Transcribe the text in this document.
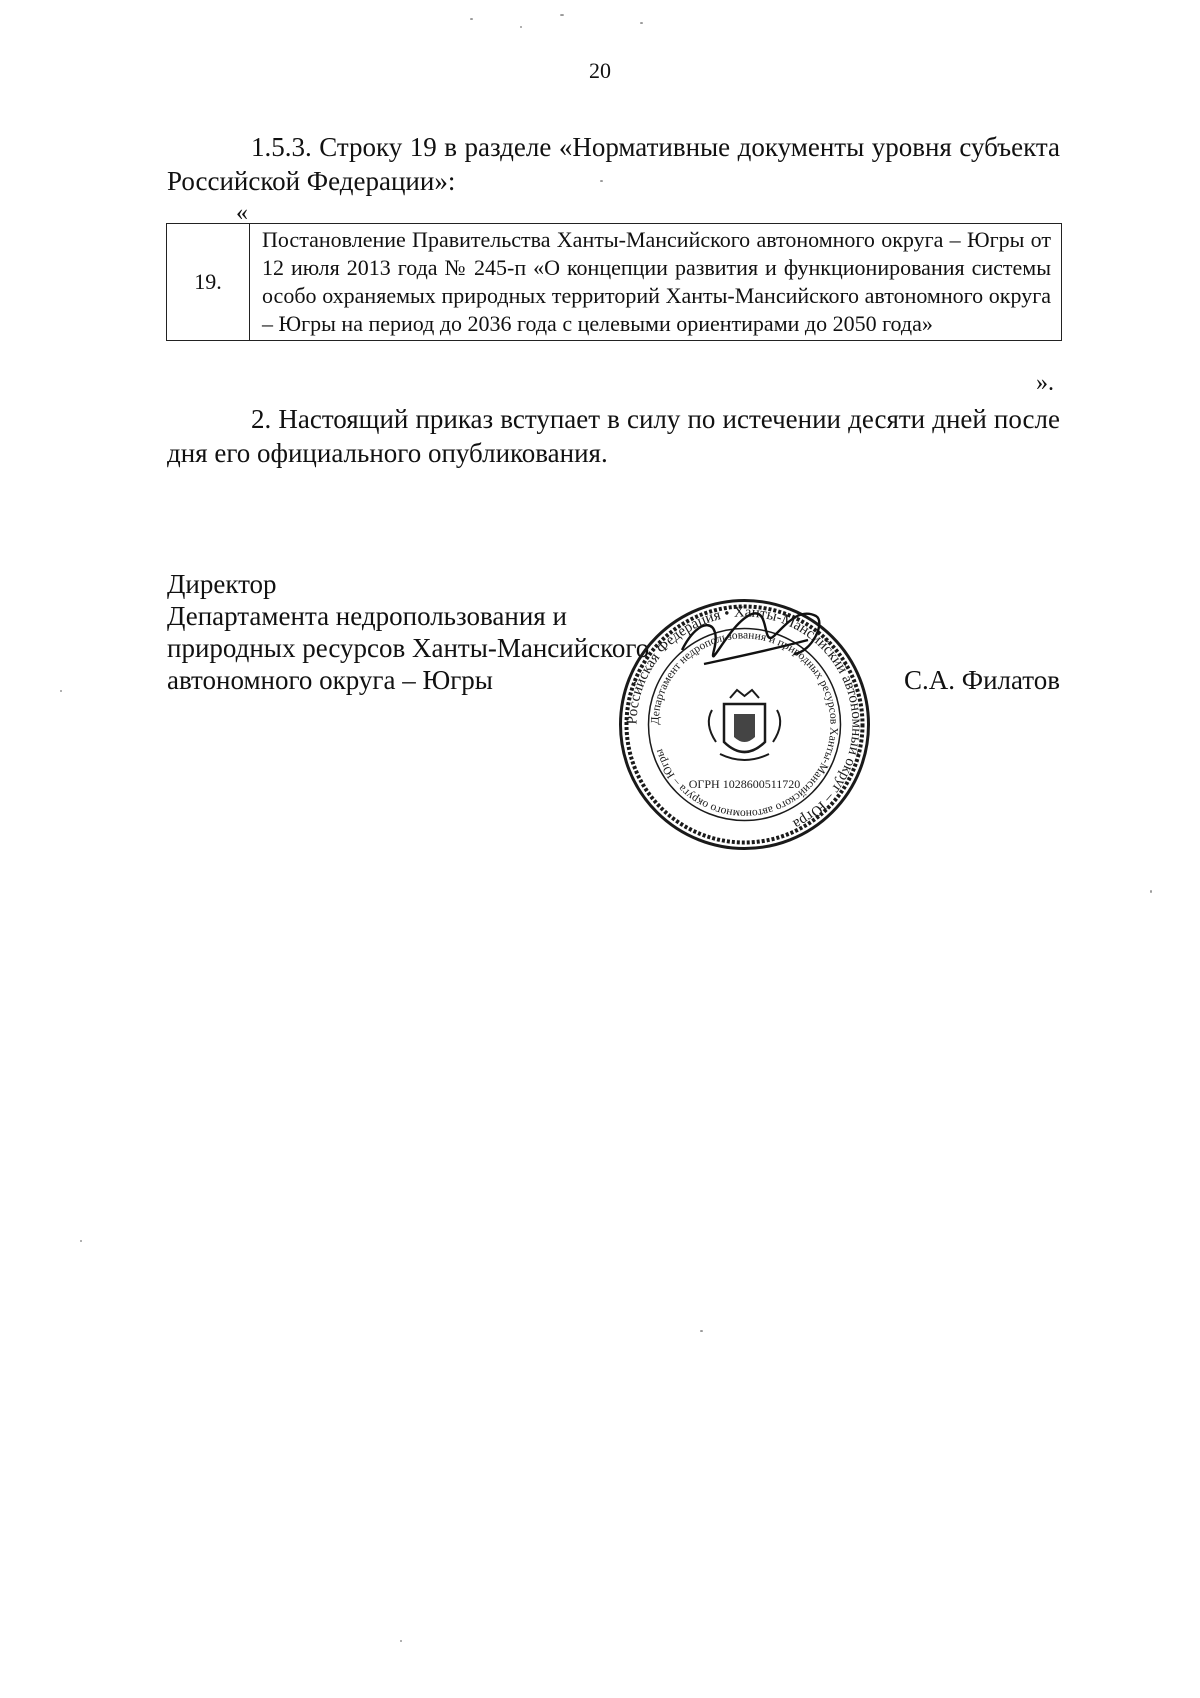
20
1.5.3. Строку 19 в разделе «Нормативные документы уровня субъекта Российской Федерации»:
«
19.	Постановление Правительства Ханты-Мансийского автономного округа – Югры от 12 июля 2013 года № 245-п «О концепции развития и функционирования системы особо охраняемых природных территорий Ханты-Мансийского автономного округа – Югры на период до 2036 года с целевыми ориентирами до 2050 года»
».
2. Настоящий приказ вступает в силу по истечении десяти дней после дня его официального опубликования.
Директор
Департамента недропользования и
природных ресурсов Ханты-Мансийского
автономного округа – Югры
Российская Федерация • Ханты-Мансийский автономный округ – Югра
Департамент недропользования и природных ресурсов Ханты-Мансийского автономного округа – Югры
ОГРН 1028600511720
С.А. Филатов
